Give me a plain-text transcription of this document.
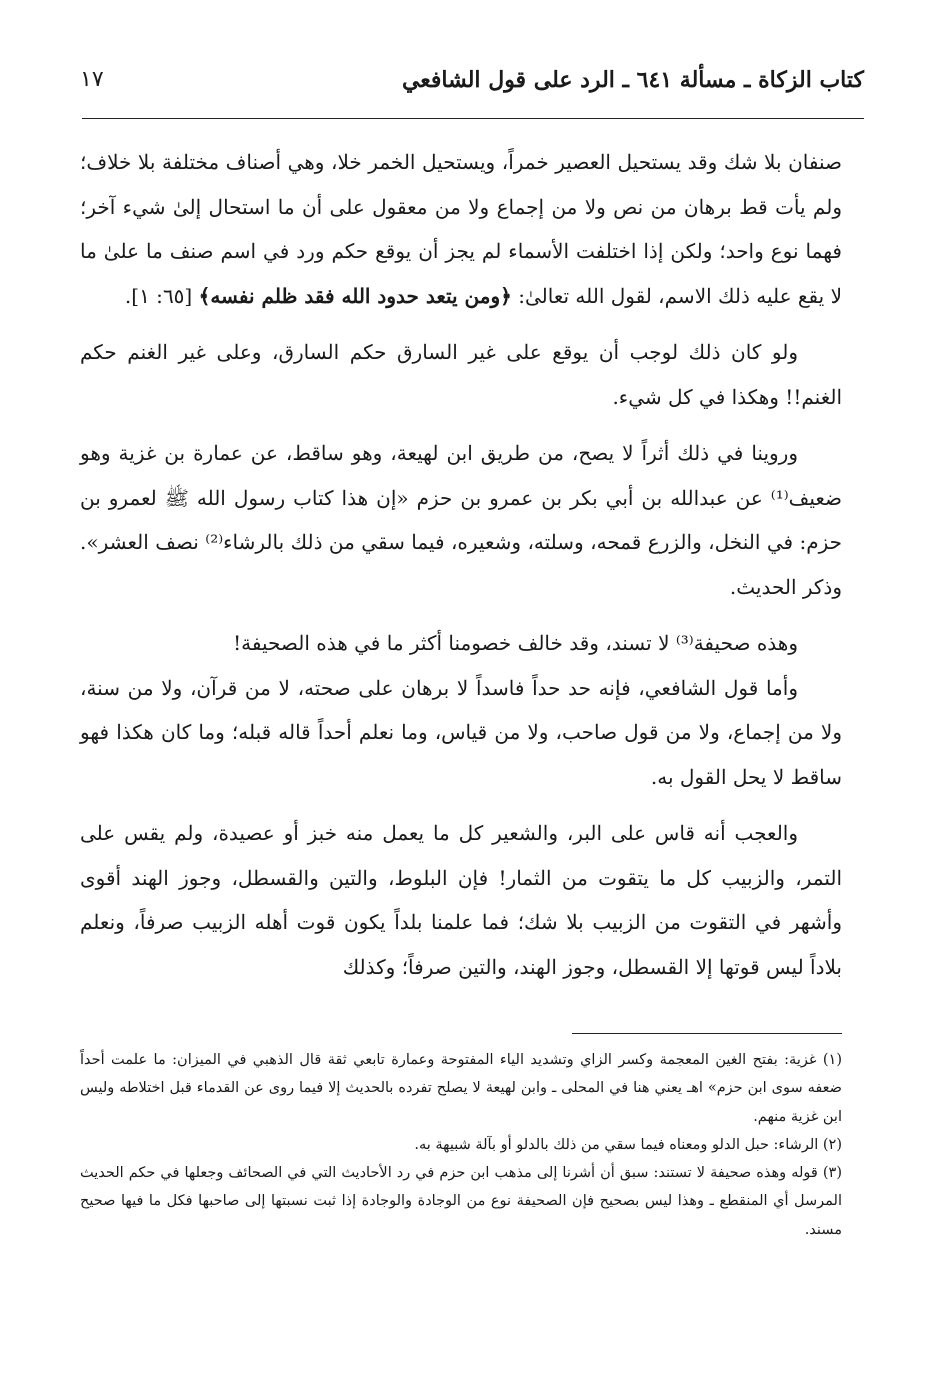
كتاب الزكاة ـ مسألة ٦٤١ ـ الرد على قول الشافعي
١٧

صنفان بلا شك وقد يستحيل العصير خمراً، ويستحيل الخمر خلا، وهي أصناف مختلفة بلا خلاف؛ ولم يأت قط برهان من نص ولا من إجماع ولا من معقول على أن ما استحال إلىٰ شيء آخر؛ فهما نوع واحد؛ ولكن إذا اختلفت الأسماء لم يجز أن يوقع حكم ورد في اسم صنف ما علىٰ ما لا يقع عليه ذلك الاسم، لقول الله تعالىٰ: ﴿ومن يتعد حدود الله فقد ظلم نفسه﴾ [٦٥: ١].

ولو كان ذلك لوجب أن يوقع على غير السارق حكم السارق، وعلى غير الغنم حكم الغنم!! وهكذا في كل شيء.

وروينا في ذلك أثراً لا يصح، من طريق ابن لهيعة، وهو ساقط، عن عمارة بن غزية وهو ضعيف⁽¹⁾ عن عبدالله بن أبي بكر بن عمرو بن حزم «إن هذا كتاب رسول الله ﷺ لعمرو بن حزم: في النخل، والزرع قمحه، وسلته، وشعيره، فيما سقي من ذلك بالرشاء⁽²⁾ نصف العشر». وذكر الحديث.

وهذه صحيفة⁽³⁾ لا تسند، وقد خالف خصومنا أكثر ما في هذه الصحيفة!

وأما قول الشافعي، فإنه حد حداً فاسداً لا برهان على صحته، لا من قرآن، ولا من سنة، ولا من إجماع، ولا من قول صاحب، ولا من قياس، وما نعلم أحداً قاله قبله؛ وما كان هكذا فهو ساقط لا يحل القول به.

والعجب أنه قاس على البر، والشعير كل ما يعمل منه خبز أو عصيدة، ولم يقس على التمر، والزبيب كل ما يتقوت من الثمار! فإن البلوط، والتين والقسطل، وجوز الهند أقوى وأشهر في التقوت من الزبيب بلا شك؛ فما علمنا بلداً يكون قوت أهله الزبيب صرفاً، ونعلم بلاداً ليس قوتها إلا القسطل، وجوز الهند، والتين صرفاً؛ وكذلك

(١) غزية: بفتح الغين المعجمة وكسر الزاي وتشديد الياء المفتوحة وعمارة تابعي ثقة قال الذهبي في الميزان: ما علمت أحداً ضعفه سوى ابن حزم» اهـ يعني هنا في المحلى ـ وابن لهيعة لا يصلح تفرده بالحديث إلا فيما روى عن القدماء قبل اختلاطه وليس ابن غزية منهم.

(٢) الرشاء: حبل الدلو ومعناه فيما سقي من ذلك بالدلو أو بآلة شبيهة به.

(٣) قوله وهذه صحيفة لا تستند: سبق أن أشرنا إلى مذهب ابن حزم في رد الأحاديث التي في الصحائف وجعلها في حكم الحديث المرسل أي المنقطع ـ وهذا ليس بصحيح فإن الصحيفة نوع من الوجادة والوجادة إذا ثبت نسبتها إلى صاحبها فكل ما فيها صحيح مسند.
